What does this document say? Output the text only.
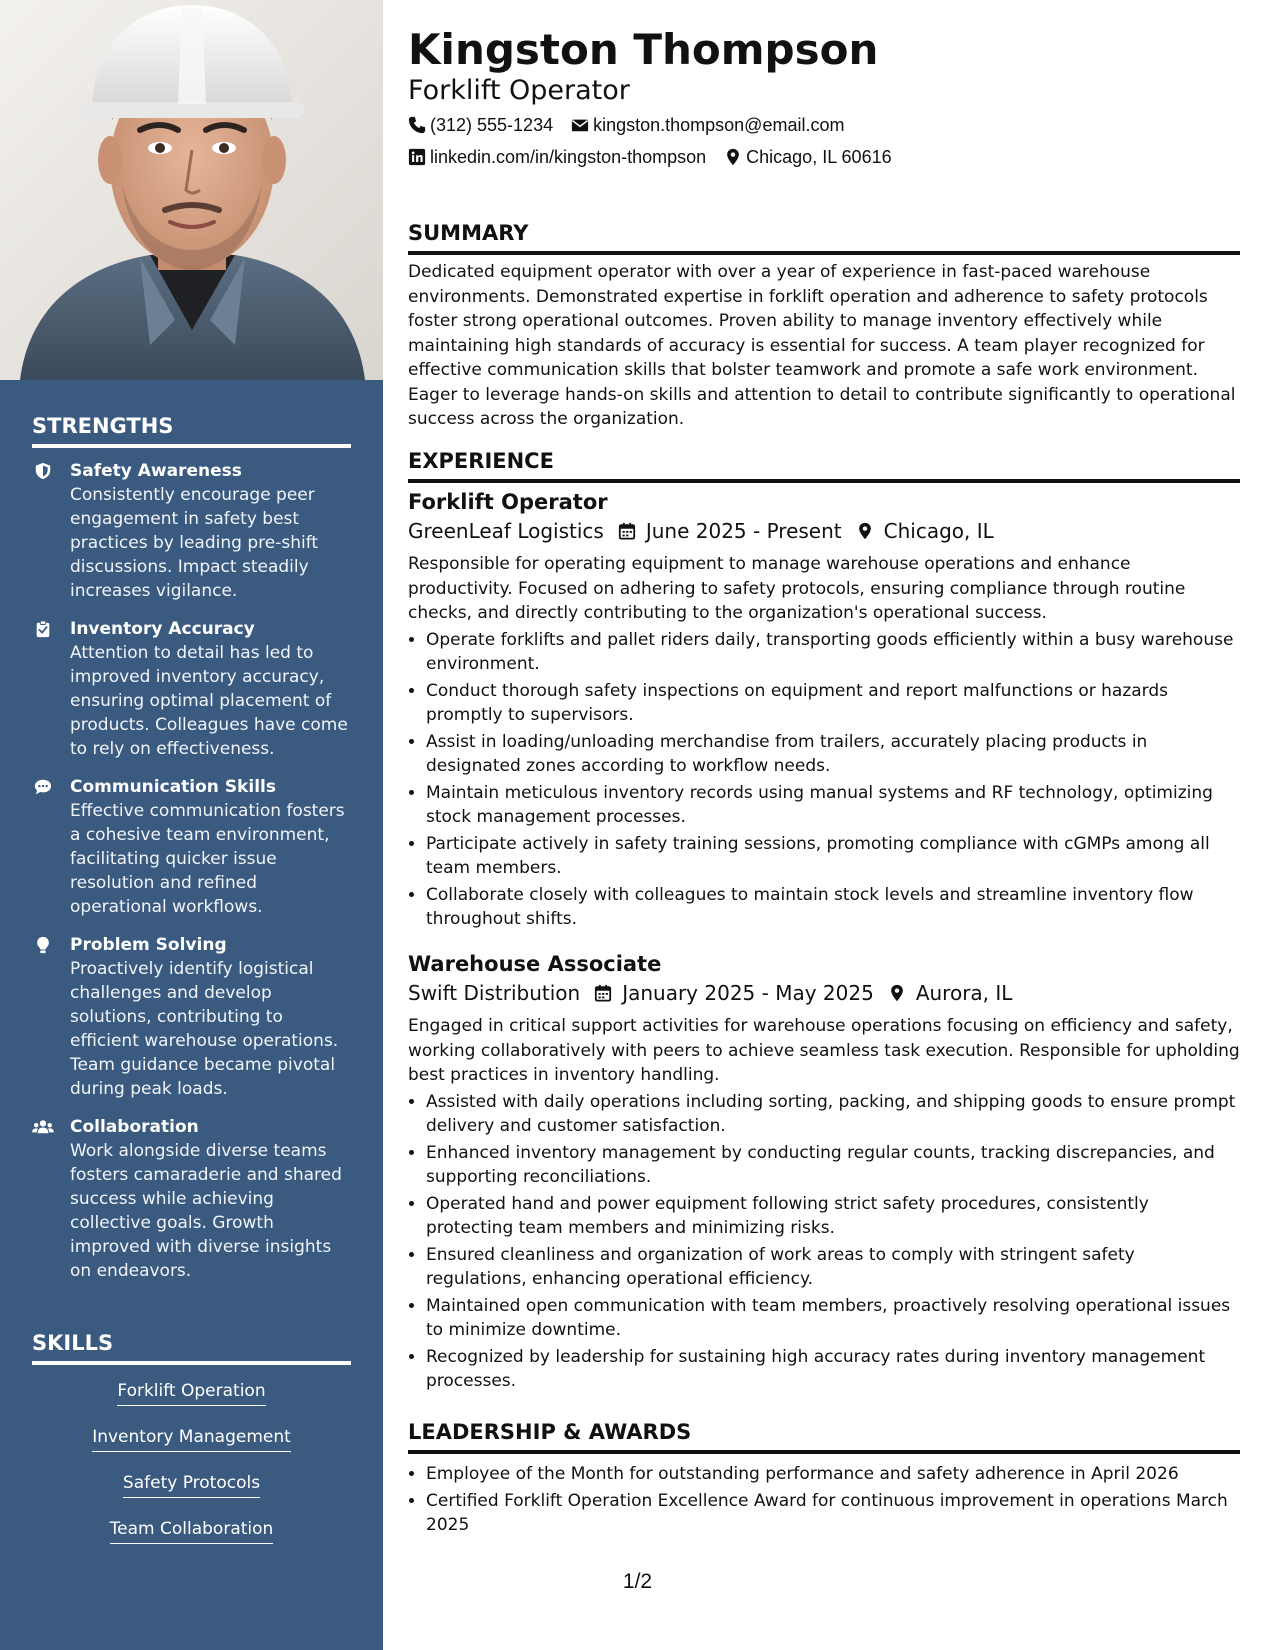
STRENGTHS
Safety Awareness
Consistently encourage peer engagement in safety best practices by leading pre-shift discussions. Impact steadily increases vigilance.
Inventory Accuracy
Attention to detail has led to improved inventory accuracy, ensuring optimal placement of products. Colleagues have come to rely on effectiveness.
Communication Skills
Effective communication fosters a cohesive team environment, facilitating quicker issue resolution and refined operational workflows.
Problem Solving
Proactively identify logistical challenges and develop solutions, contributing to efficient warehouse operations. Team guidance became pivotal during peak loads.
Collaboration
Work alongside diverse teams fosters camaraderie and shared success while achieving collective goals. Growth improved with diverse insights on endeavors.
SKILLS
Forklift Operation
Inventory Management
Safety Protocols
Team Collaboration
Kingston Thompson
Forklift Operator
(312) 555-1234 kingston.thompson@email.com
linkedin.com/in/kingston-thompson Chicago, IL 60616
SUMMARY
Dedicated equipment operator with over a year of experience in fast-paced warehouse environments. Demonstrated expertise in forklift operation and adherence to safety protocols foster strong operational outcomes. Proven ability to manage inventory effectively while maintaining high standards of accuracy is essential for success. A team player recognized for effective communication skills that bolster teamwork and promote a safe work environment. Eager to leverage hands-on skills and attention to detail to contribute significantly to operational success across the organization.
EXPERIENCE
Forklift Operator
GreenLeaf Logistics June 2025 - Present Chicago, IL

Responsible for operating equipment to manage warehouse operations and enhance productivity. Focused on adhering to safety protocols, ensuring compliance through routine checks, and directly contributing to the organization's operational success.

• Operate forklifts and pallet riders daily, transporting goods efficiently within a busy warehouse environment.
• Conduct thorough safety inspections on equipment and report malfunctions or hazards promptly to supervisors.
• Assist in loading/unloading merchandise from trailers, accurately placing products in designated zones according to workflow needs.
• Maintain meticulous inventory records using manual systems and RF technology, optimizing stock management processes.
• Participate actively in safety training sessions, promoting compliance with cGMPs among all team members.
• Collaborate closely with colleagues to maintain stock levels and streamline inventory flow throughout shifts.
Warehouse Associate
Swift Distribution January 2025 - May 2025 Aurora, IL

Engaged in critical support activities for warehouse operations focusing on efficiency and safety, working collaboratively with peers to achieve seamless task execution. Responsible for upholding best practices in inventory handling.

• Assisted with daily operations including sorting, packing, and shipping goods to ensure prompt delivery and customer satisfaction.
• Enhanced inventory management by conducting regular counts, tracking discrepancies, and supporting reconciliations.
• Operated hand and power equipment following strict safety procedures, consistently protecting team members and minimizing risks.
• Ensured cleanliness and organization of work areas to comply with stringent safety regulations, enhancing operational efficiency.
• Maintained open communication with team members, proactively resolving operational issues to minimize downtime.
• Recognized by leadership for sustaining high accuracy rates during inventory management processes.
LEADERSHIP & AWARDS
• Employee of the Month for outstanding performance and safety adherence in April 2026
• Certified Forklift Operation Excellence Award for continuous improvement in operations March 2025
1/2
